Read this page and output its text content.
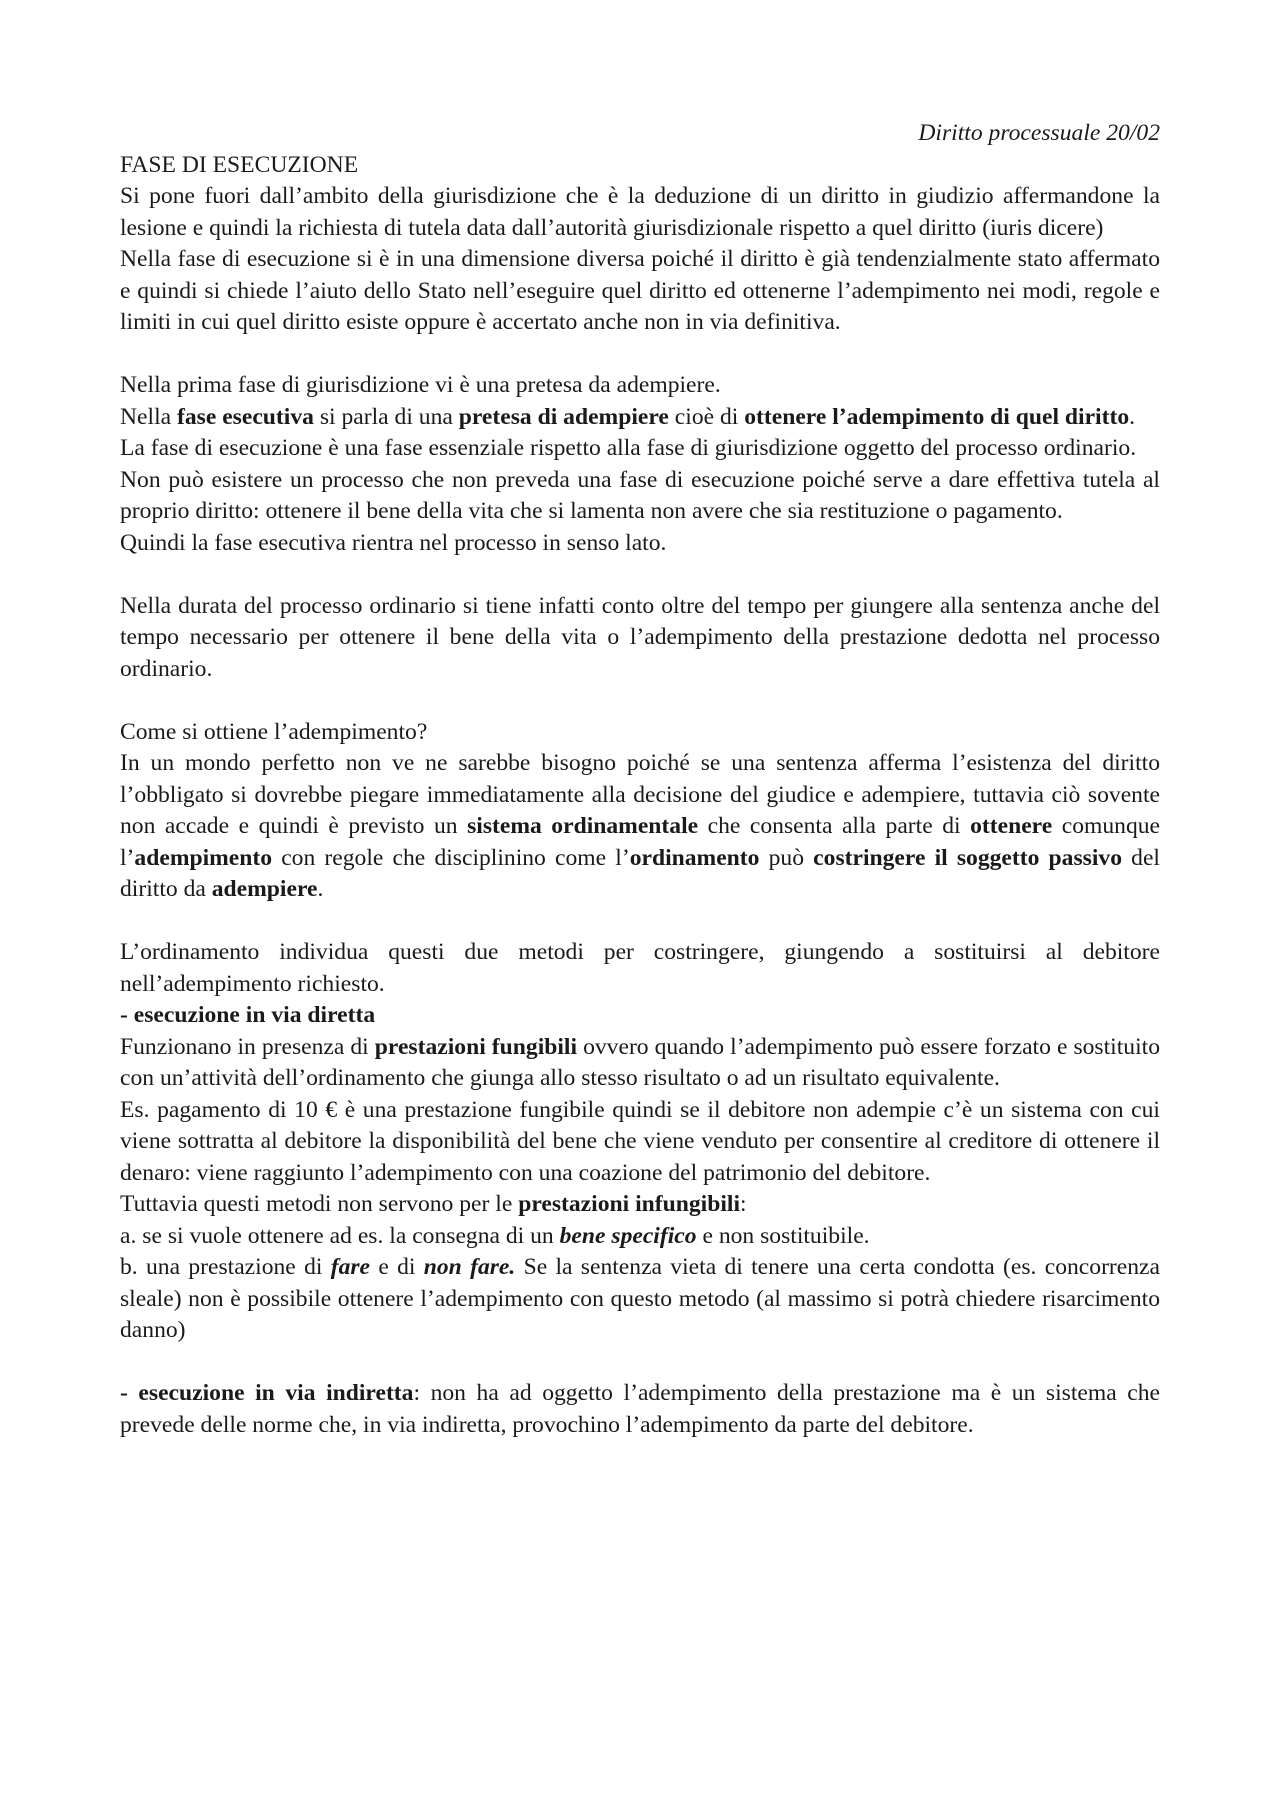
Diritto processuale 20/02

FASE DI ESECUZIONE

Si pone fuori dall’ambito della giurisdizione che è la deduzione di un diritto in giudizio affermandone la lesione e quindi la richiesta di tutela data dall’autorità giurisdizionale rispetto a quel diritto (iuris dicere)

Nella fase di esecuzione si è in una dimensione diversa poiché il diritto è già tendenzialmente stato affermato e quindi si chiede l’aiuto dello Stato nell’eseguire quel diritto ed ottenerne l’adempimento nei modi, regole e limiti in cui quel diritto esiste oppure è accertato anche non in via definitiva.

Nella prima fase di giurisdizione vi è una pretesa da adempiere.

Nella fase esecutiva si parla di una pretesa di adempiere cioè di ottenere l’adempimento di quel diritto.

La fase di esecuzione è una fase essenziale rispetto alla fase di giurisdizione oggetto del processo ordinario.

Non può esistere un processo che non preveda una fase di esecuzione poiché serve a dare effettiva tutela al proprio diritto: ottenere il bene della vita che si lamenta non avere che sia restituzione o pagamento.

Quindi la fase esecutiva rientra nel processo in senso lato.

Nella durata del processo ordinario si tiene infatti conto oltre del tempo per giungere alla sentenza anche del tempo necessario per ottenere il bene della vita o l’adempimento della prestazione dedotta nel processo ordinario.

Come si ottiene l’adempimento?

In un mondo perfetto non ve ne sarebbe bisogno poiché se una sentenza afferma l’esistenza del diritto l’obbligato si dovrebbe piegare immediatamente alla decisione del giudice e adempiere, tuttavia ciò sovente non accade e quindi è previsto un sistema ordinamentale che consenta alla parte di ottenere comunque l’adempimento con regole che disciplinino come l’ordinamento può costringere il soggetto passivo del diritto da adempiere.

L’ordinamento individua questi due metodi per costringere, giungendo a sostituirsi al debitore nell’adempimento richiesto.

- esecuzione in via diretta

Funzionano in presenza di prestazioni fungibili ovvero quando l’adempimento può essere forzato e sostituito con un’attività dell’ordinamento che giunga allo stesso risultato o ad un risultato equivalente.

Es. pagamento di 10 € è una prestazione fungibile quindi se il debitore non adempie c’è un sistema con cui viene sottratta al debitore la disponibilità del bene che viene venduto per consentire al creditore di ottenere il denaro: viene raggiunto l’adempimento con una coazione del patrimonio del debitore.

Tuttavia questi metodi non servono per le prestazioni infungibili:

a. se si vuole ottenere ad es. la consegna di un bene specifico e non sostituibile.

b. una prestazione di fare e di non fare. Se la sentenza vieta di tenere una certa condotta (es. concorrenza sleale) non è possibile ottenere l’adempimento con questo metodo (al massimo si potrà chiedere risarcimento danno)

- esecuzione in via indiretta: non ha ad oggetto l’adempimento della prestazione ma è un sistema che prevede delle norme che, in via indiretta, provochino l’adempimento da parte del debitore.
